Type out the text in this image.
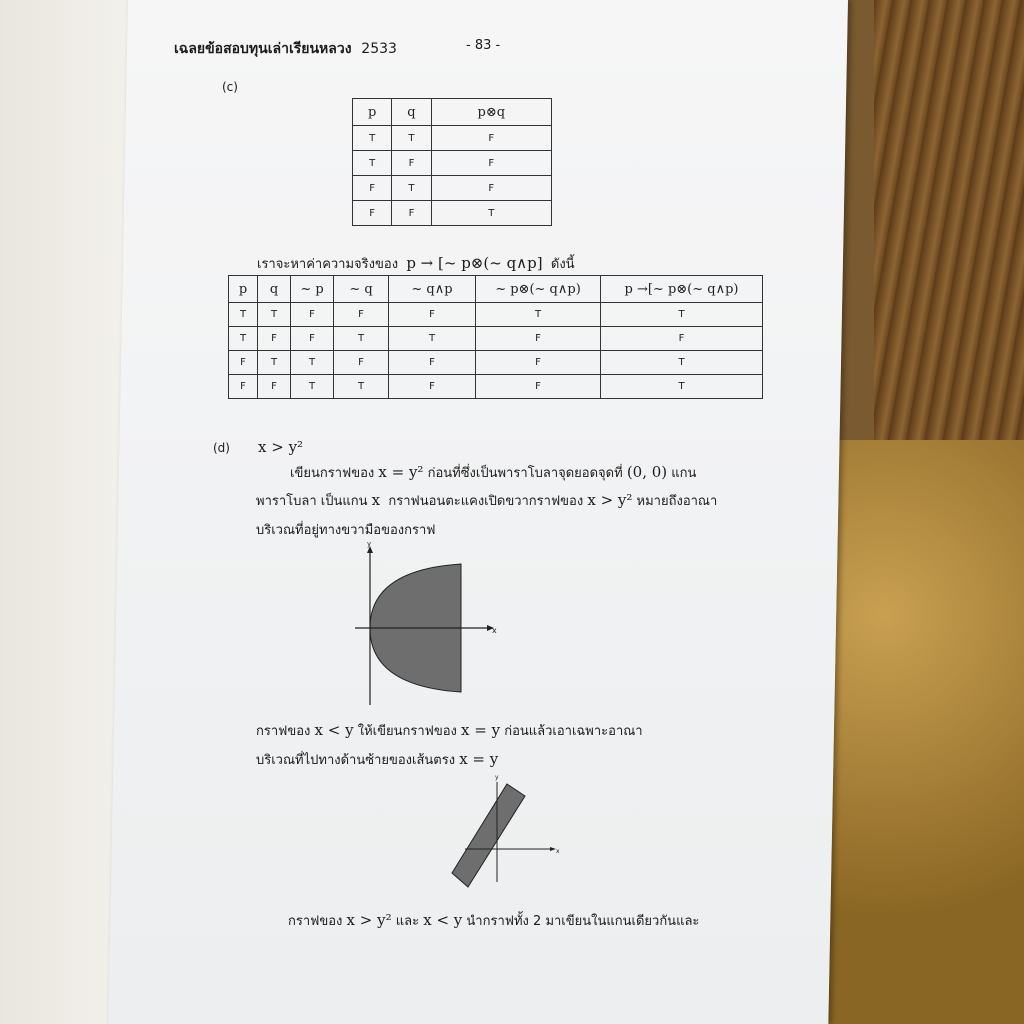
เฉลยข้อสอบทุนเล่าเรียนหลวง 2533	- 83 -
(c)
p	q	p⊗q
T	T	F
T	F	F
F	T	F
F	F	T
เราจะหาค่าความจริงของ p → [~ p⊗(~ q∧p] ดังนี้
p	q	~ p	~ q	~ q∧p	~ p⊗(~ q∧p)	p →[~ p⊗(~ q∧p)
T	T	F	F	F	T	T
T	F	F	T	T	F	F
F	T	T	F	F	F	T
F	F	T	T	F	F	T
(d) x > y²
เขียนกราฟของ x = y² ก่อนที่ซึ่งเป็นพาราโบลาจุดยอดจุดที่ (0, 0) แกน
พาราโบลา เป็นแกน x กราฟนอนตะแคงเปิดขวากราฟของ x > y² หมายถึงอาณา
บริเวณที่อยู่ทางขวามือของกราฟ
y
x
กราฟของ x < y ให้เขียนกราฟของ x = y ก่อนแล้วเอาเฉพาะอาณา
บริเวณที่ไปทางด้านซ้ายของเส้นตรง x = y
y
x
กราฟของ x > y² และ x < y นำกราฟทั้ง 2 มาเขียนในแกนเดียวกันและ
